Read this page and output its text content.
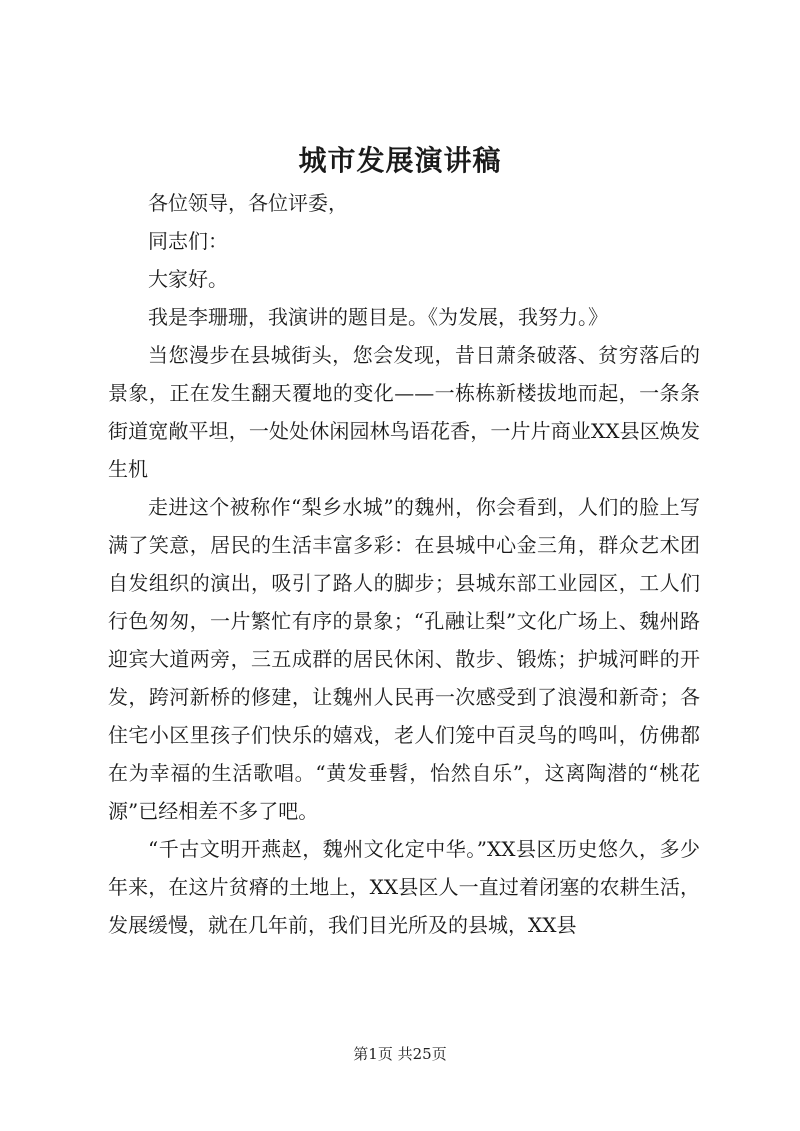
城市发展演讲稿

各位领导，各位评委，

同志们：

大家好。

我是李珊珊，我演讲的题目是。《为发展，我努力。》

当您漫步在县城街头，您会发现，昔日萧条破落、贫穷落后的景象，正在发生翻天覆地的变化——一栋栋新楼拔地而起，一条条街道宽敞平坦，一处处休闲园林鸟语花香，一片片商业XX县区焕发生机

走进这个被称作“梨乡水城”的魏州，你会看到，人们的脸上写满了笑意，居民的生活丰富多彩：在县城中心金三角，群众艺术团自发组织的演出，吸引了路人的脚步；县城东部工业园区，工人们行色匆匆，一片繁忙有序的景象；“孔融让梨”文化广场上、魏州路迎宾大道两旁，三五成群的居民休闲、散步、锻炼；护城河畔的开发，跨河新桥的修建，让魏州人民再一次感受到了浪漫和新奇；各住宅小区里孩子们快乐的嬉戏，老人们笼中百灵鸟的鸣叫，仿佛都在为幸福的生活歌唱。“黄发垂髫，怡然自乐”，这离陶潜的“桃花源”已经相差不多了吧。

“千古文明开燕赵，魏州文化定中华。”XX县区历史悠久，多少年来，在这片贫瘠的土地上，XX县区人一直过着闭塞的农耕生活，发展缓慢，就在几年前，我们目光所及的县城，XX县

第1页 共25页
